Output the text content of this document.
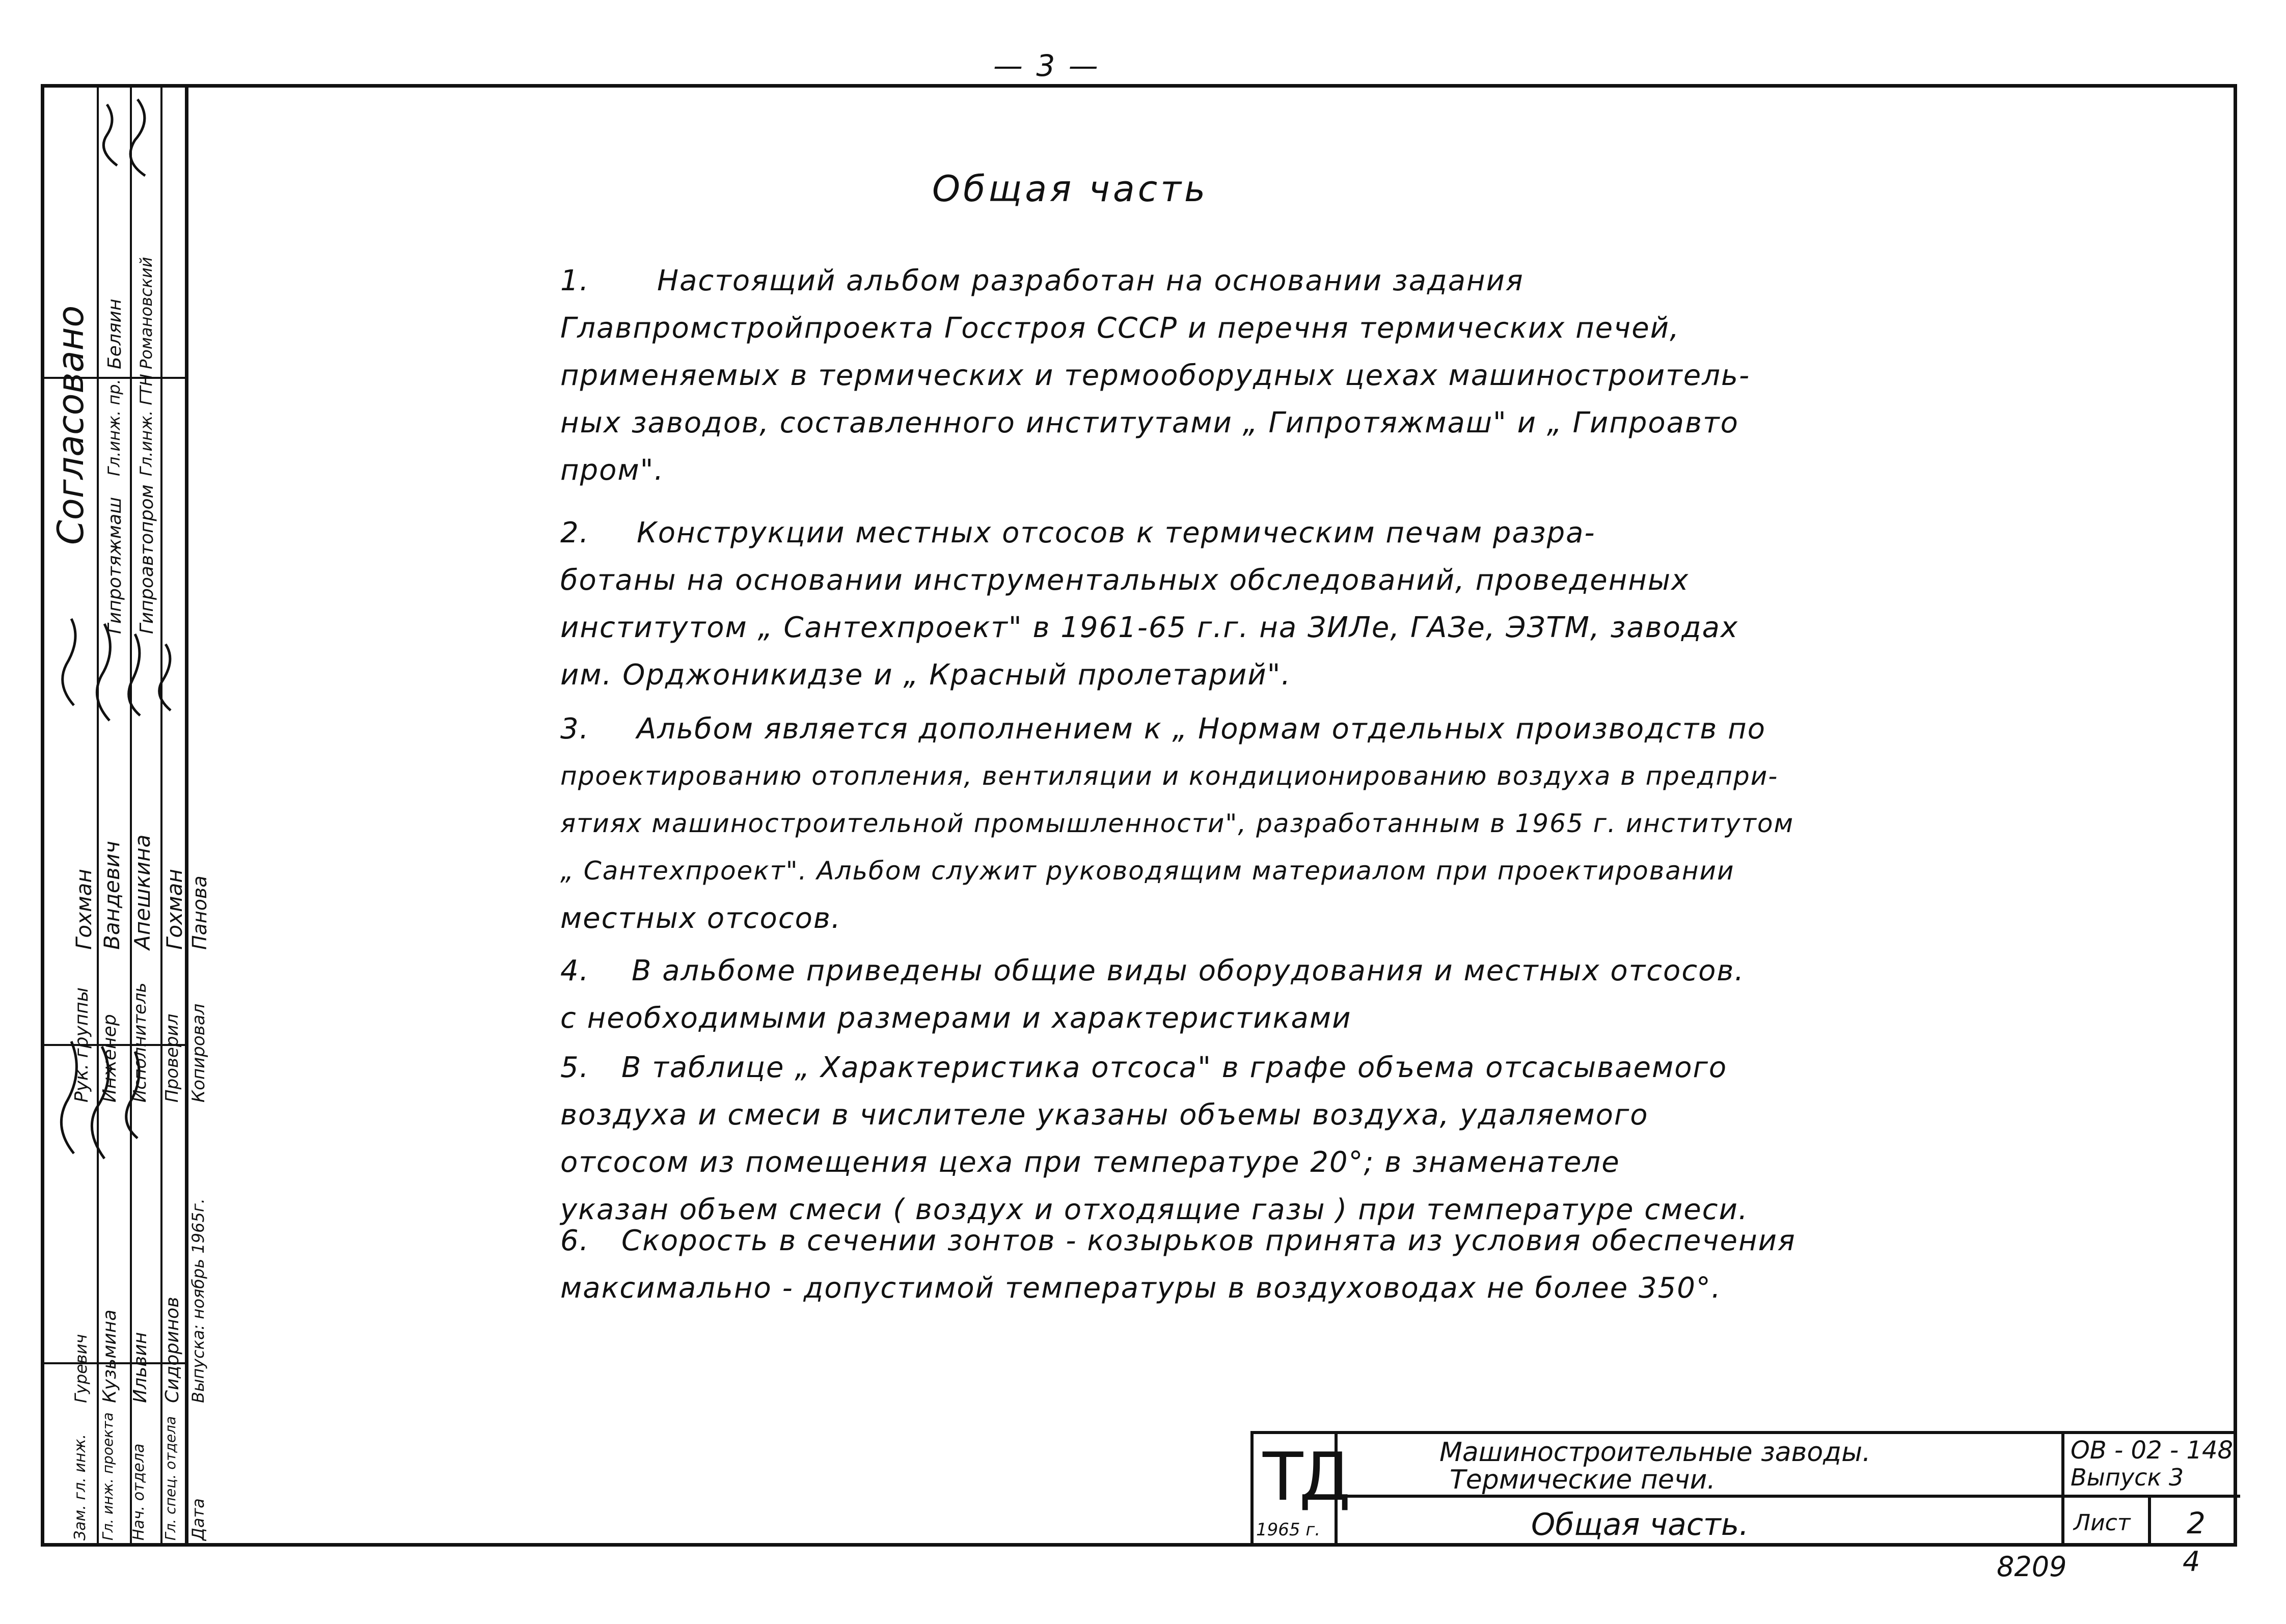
— 3 —
Согласовано
Гипротяжмаш Гипроавтопром
Гл.инж. пр. Гл.инж. ГТН
Беляин Романовский
Рук. группы Инженер Исполнитель Проверил Копировал
Гохман Вандевич Апешкина Гохман Панова
Зам. гл. инж. Гл. инж. проекта Нач. отдела Гл. спец. отдела Дата
Гуревич Кузьмина Ильвин Сидоринов Выпуска: ноябрь 1965г.
Общая часть
1. Настоящий альбом разработан на основании задания
Главпромстройпроекта Госстроя СССР и перечня термических печей,
применяемых в термических и термооборудных цехах машиностроитель-
ных заводов, составленного институтами „ Гипротяжмаш" и „ Гипроавто
пром".
2. Конструкции местных отсосов к термическим печам разра-
ботаны на основании инструментальных обследований, проведенных
институтом „ Сантехпроект" в 1961-65 г.г. на ЗИЛе, ГАЗе, ЭЗТМ, заводах
им. Орджоникидзе и „ Красный пролетарий".
3. Альбом является дополнением к „ Нормам отдельных производств по
проектированию отопления, вентиляции и кондиционированию воздуха в предпри-
ятиях машиностроительной промышленности", разработанным в 1965 г. институтом
„ Сантехпроект". Альбом служит руководящим материалом при проектировании
местных отсосов.
4. В альбоме приведены общие виды оборудования и местных отсосов.
с необходимыми размерами и характеристиками
5. В таблице „ Характеристика отсоса" в графе объема отсасываемого
воздуха и смеси в числителе указаны объемы воздуха, удаляемого
отсосом из помещения цеха при температуре 20°; в знаменателе
указан объем смеси ( воздух и отходящие газы ) при температуре смеси.
6. Скорость в сечении зонтов - козырьков принята из условия обеспечения
максимально - допустимой температуры в воздуховодах не более 350°.
ТД
1965 г.
Машиностроительные заводы.
Термические печи.
Общая часть.
ОВ - 02 - 148
Выпуск 3
Лист 2
8209	4
